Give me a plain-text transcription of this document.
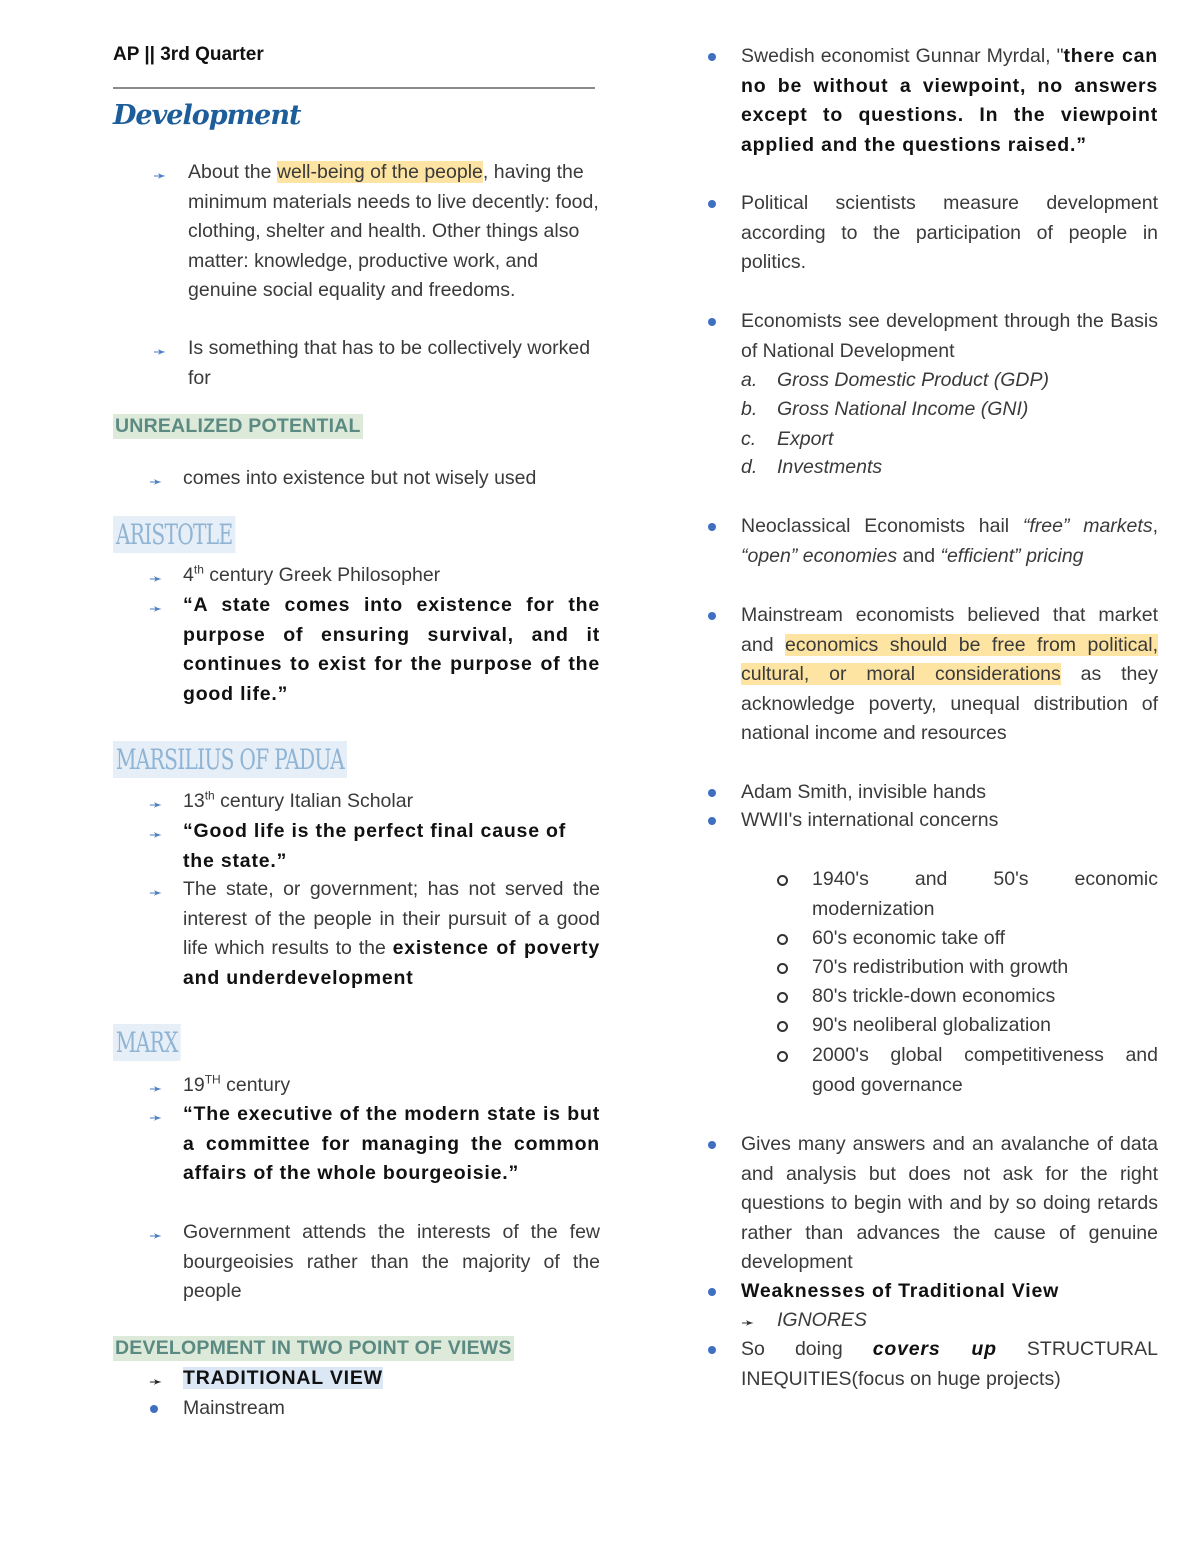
AP || 3rd Quarter
Development
➛ About the well-being of the people, having the minimum materials needs to live decently: food, clothing, shelter and health. Other things also matter: knowledge, productive work, and genuine social equality and freedoms.
➛ Is something that has to be collectively worked for
UNREALIZED POTENTIAL
➛ comes into existence but not wisely used
ARISTOTLE
➛ 4th century Greek Philosopher
➛ “A state comes into existence for the purpose of ensuring survival, and it continues to exist for the purpose of the good life.”
MARSILIUS OF PADUA
➛ 13th century Italian Scholar
➛ “Good life is the perfect final cause of the state.”
➛ The state, or government; has not served the interest of the people in their pursuit of a good life which results to the existence of poverty and underdevelopment
MARX
➛ 19TH century
➛ “The executive of the modern state is but a committee for managing the common affairs of the whole bourgeoisie.”
➛ Government attends the interests of the few bourgeoisies rather than the majority of the people
DEVELOPMENT IN TWO POINT OF VIEWS
➛ TRADITIONAL VIEW
Mainstream
Swedish economist Gunnar Myrdal, "there can no be without a viewpoint, no answers except to questions. In the viewpoint applied and the questions raised.”
Political scientists measure development according to the participation of people in politics.
Economists see development through the Basis of National Development
a. Gross Domestic Product (GDP)
b. Gross National Income (GNI)
c. Export
d. Investments
Neoclassical Economists hail “free” markets, “open” economies and “efficient” pricing
Mainstream economists believed that market and economics should be free from political, cultural, or moral considerations as they acknowledge poverty, unequal distribution of national income and resources
Adam Smith, invisible hands
WWII's international concerns
1940's and 50's economic modernization
60's economic take off
70's redistribution with growth
80's trickle-down economics
90's neoliberal globalization
2000's global competitiveness and good governance
Gives many answers and an avalanche of data and analysis but does not ask for the right questions to begin with and by so doing retards rather than advances the cause of genuine development
Weaknesses of Traditional View
➛ IGNORES
So doing covers up STRUCTURAL INEQUITIES(focus on huge projects)
